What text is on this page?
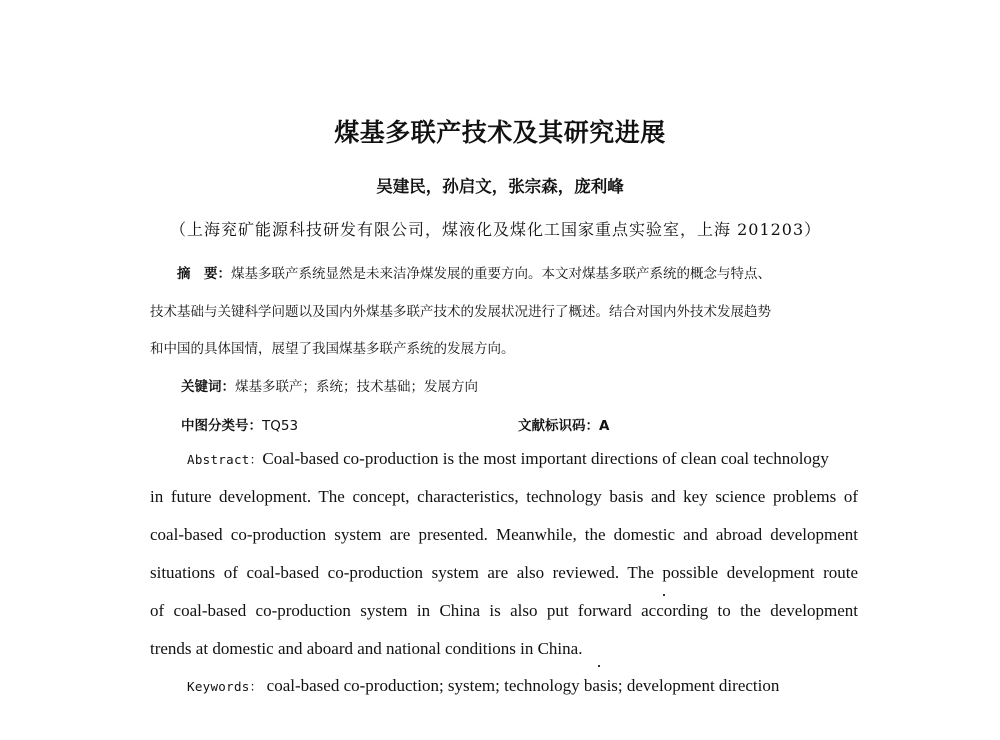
煤基多联产技术及其研究进展
吴建民，孙启文，张宗森，庞利峰
（上海兖矿能源科技研发有限公司，煤液化及煤化工国家重点实验室，上海 201203）
摘　要：煤基多联产系统显然是未来洁净煤发展的重要方向。本文对煤基多联产系统的概念与特点、
技术基础与关键科学问题以及国内外煤基多联产技术的发展状况进行了概述。结合对国内外技术发展趋势
和中国的具体国情，展望了我国煤基多联产系统的发展方向。
关键词：煤基多联产；系统；技术基础；发展方向
中图分类号：TQ53	文献标识码：A
Abstract：Coal-based co-production is the most important directions of clean coal technology
in future development. The concept, characteristics, technology basis and key science problems of
coal-based co-production system are presented. Meanwhile, the domestic and abroad development
situations of coal-based co-production system are also reviewed. The possible development route
of coal-based co-production system in China is also put forward according to the development
trends at domestic and aboard and national conditions in China.
Keywords： coal-based co-production; system; technology basis; development direction
